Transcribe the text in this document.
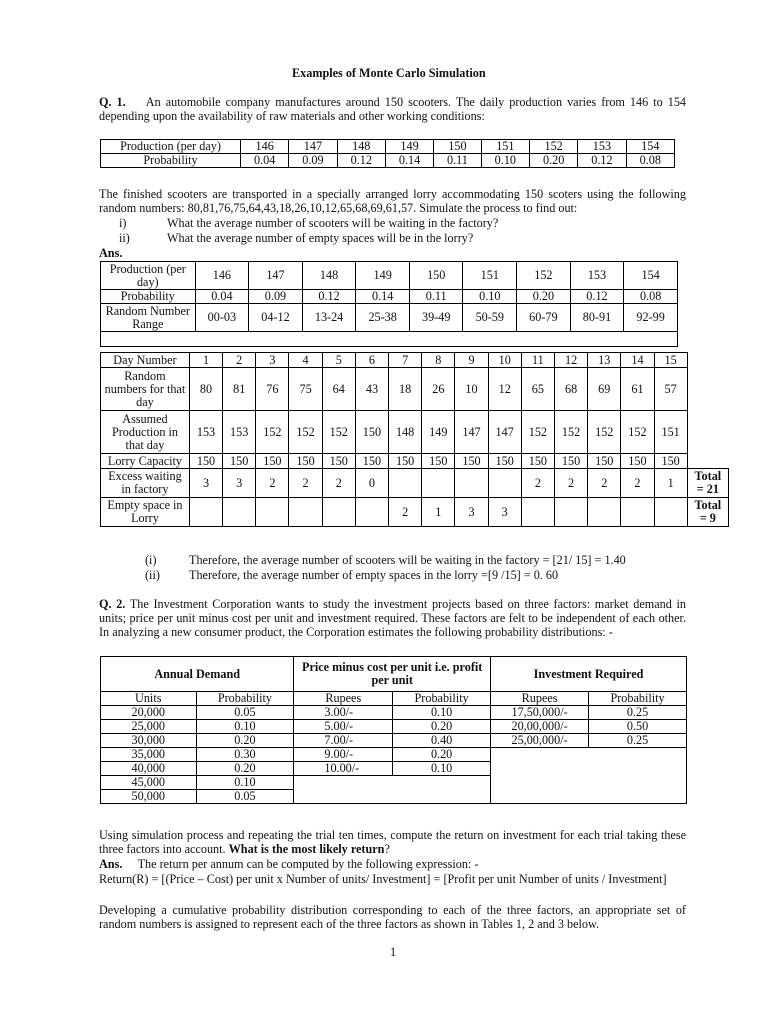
Examples of Monte Carlo Simulation

Q. 1. An automobile company manufactures around 150 scooters. The daily production varies from 146 to 154 depending upon the availability of raw materials and other working conditions:

Production (per day)	146	147	148	149	150	151	152	153	154
Probability	0.04	0.09	0.12	0.14	0.11	0.10	0.20	0.12	0.08

The finished scooters are transported in a specially arranged lorry accommodating 150 scoters using the following random numbers: 80,81,76,75,64,43,18,26,10,12,65,68,69,61,57. Simulate the process to find out:

i)	What the average number of scooters will be waiting in the factory?
ii)	What the average number of empty spaces will be in the lorry?
Ans.
Production (per day)	146	147	148	149	150	151	152	153	154
Probability	0.04	0.09	0.12	0.14	0.11	0.10	0.20	0.12	0.08
Random Number Range	00-03	04-12	13-24	25-38	39-49	50-59	60-79	80-91	92-99

(i)	Therefore, the average number of scooters will be waiting in the factory = [21/ 15] = 1.40
(ii) Therefore, the average number of empty spaces in the lorry =[9 /15] = 0. 60

Q. 2. The Investment Corporation wants to study the investment projects based on three factors: market demand in units; price per unit minus cost per unit and investment required. These factors are felt to be independent of each other. In analyzing a new consumer product, the Corporation estimates the following probability distributions: -

Annual Demand		Price minus cost per unit i.e. profit per unit		Investment Required	
Units	Probability	Rupees	Probability	Rupees	Probability
20,000	0.05	3.00/-	0.10	17,50,000/-	0.25
25,000	0.10	5.00/-	0.20	20,00,000/-	0.50
30,000	0.20	7.00/-	0.40	25,00,000/-	0.25
35,000	0.30	9.00/-	0.20		
40,000	0.20	10.00/-	0.10		
45,000	0.10				
50,000	0.05				

Using simulation process and repeating the trial ten times, compute the return on investment for each trial taking these three factors into account. What is the most likely return?

Ans. The return per annum can be computed by the following expression: -
Return(R) = [(Price – Cost) per unit x Number of units/ Investment] = [Profit per unit Number of units / Investment]

Developing a cumulative probability distribution corresponding to each of the three factors, an appropriate set of random numbers is assigned to represent each of the three factors as shown in Tables 1, 2 and 3 below.

1
Day Number	1	2	3	4	5	6	7	8	9	10	11	12	13	14	15	
Random numbers for that day	80	81	76	75	64	43	18	26	10	12	65	68	69	61	57	
Assumed Production in that day	153	153	152	152	152	150	148	149	147	147	152	152	152	152	151	
Lorry Capacity	150	150	150	150	150	150	150	150	150	150	150	150	150	150	150	
Excess waiting in factory	3	3	2	2	2	0					2	2	2	2	1	Total = 21
Empty space in Lorry							2	1	3	3						Total = 9
